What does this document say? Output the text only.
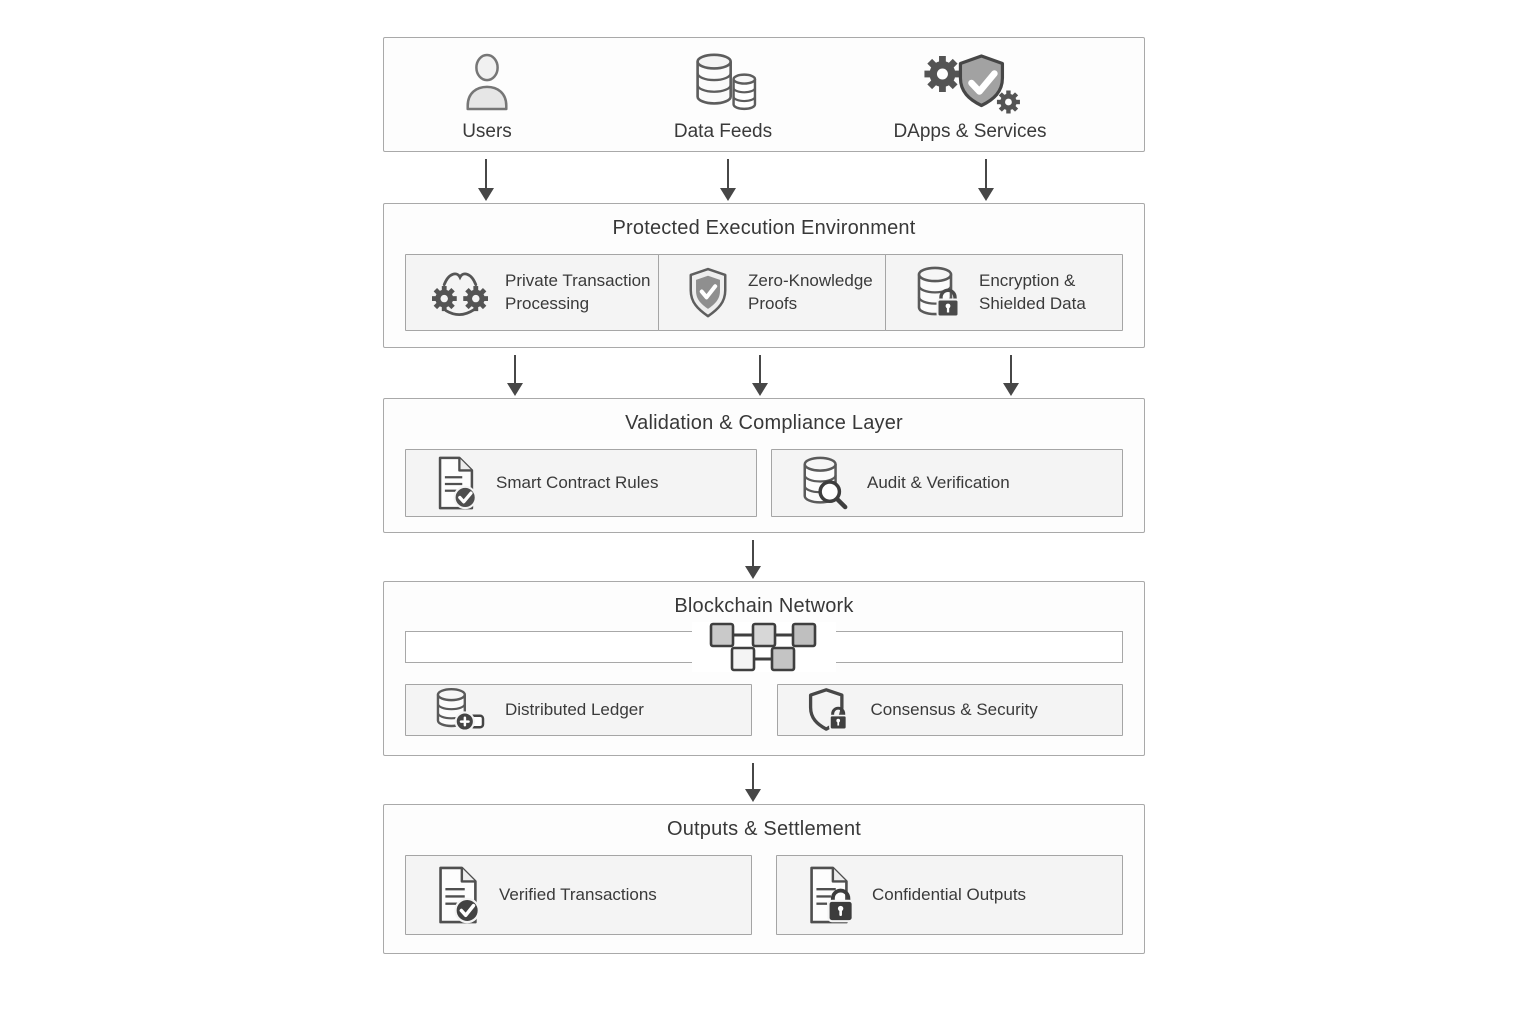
Users	Data Feeds	DApps & Services
Protected Execution Environment
Private Transaction Processing
Zero-Knowledge Proofs
Encryption & Shielded Data
Validation & Compliance Layer
Smart Contract Rules	Audit & Verification
Blockchain Network
Distributed Ledger	Consensus & Security
Outputs & Settlement
Verified Transactions	Confidential Outputs
